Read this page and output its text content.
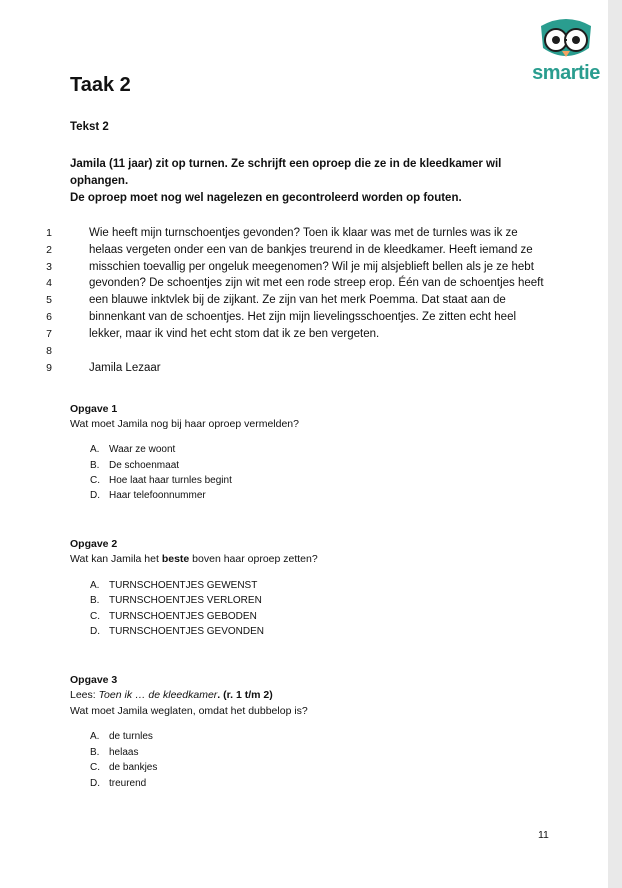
smartie
Taak 2
Tekst 2

Jamila (11 jaar) zit op turnen. Ze schrijft een oproep die ze in de kleedkamer wil ophangen.

De oproep moet nog wel nagelezen en gecontroleerd worden op fouten.

1	Wie heeft mijn turnschoentjes gevonden? Toen ik klaar was met de turnles was ik ze
2	helaas vergeten onder een van de bankjes treurend in de kleedkamer. Heeft iemand ze
3	misschien toevallig per ongeluk meegenomen? Wil je mij alsjeblieft bellen als je ze hebt
4	gevonden? De schoentjes zijn wit met een rode streep erop. Één van de schoentjes heeft
5	een blauwe inktvlek bij de zijkant. Ze zijn van het merk Poemma. Dat staat aan de
6	binnenkant van de schoentjes. Het zijn mijn lievelingsschoentjes. Ze zitten echt heel
7	lekker, maar ik vind het echt stom dat ik ze ben vergeten.
8
9	Jamila Lezaar
Opgave 1
Wat moet Jamila nog bij haar oproep vermelden?
A. Waar ze woont
B. De schoenmaat
C. Hoe laat haar turnles begint
D. Haar telefoonnummer
Opgave 2
Wat kan Jamila het beste boven haar oproep zetten?
A. TURNSCHOENTJES GEWENST
B. TURNSCHOENTJES VERLOREN
C. TURNSCHOENTJES GEBODEN
D. TURNSCHOENTJES GEVONDEN
Opgave 3
Lees: Toen ik … de kleedkamer. (r. 1 t/m 2)
Wat moet Jamila weglaten, omdat het dubbelop is?
A. de turnles
B. helaas
C. de bankjes
D. treurend
11
